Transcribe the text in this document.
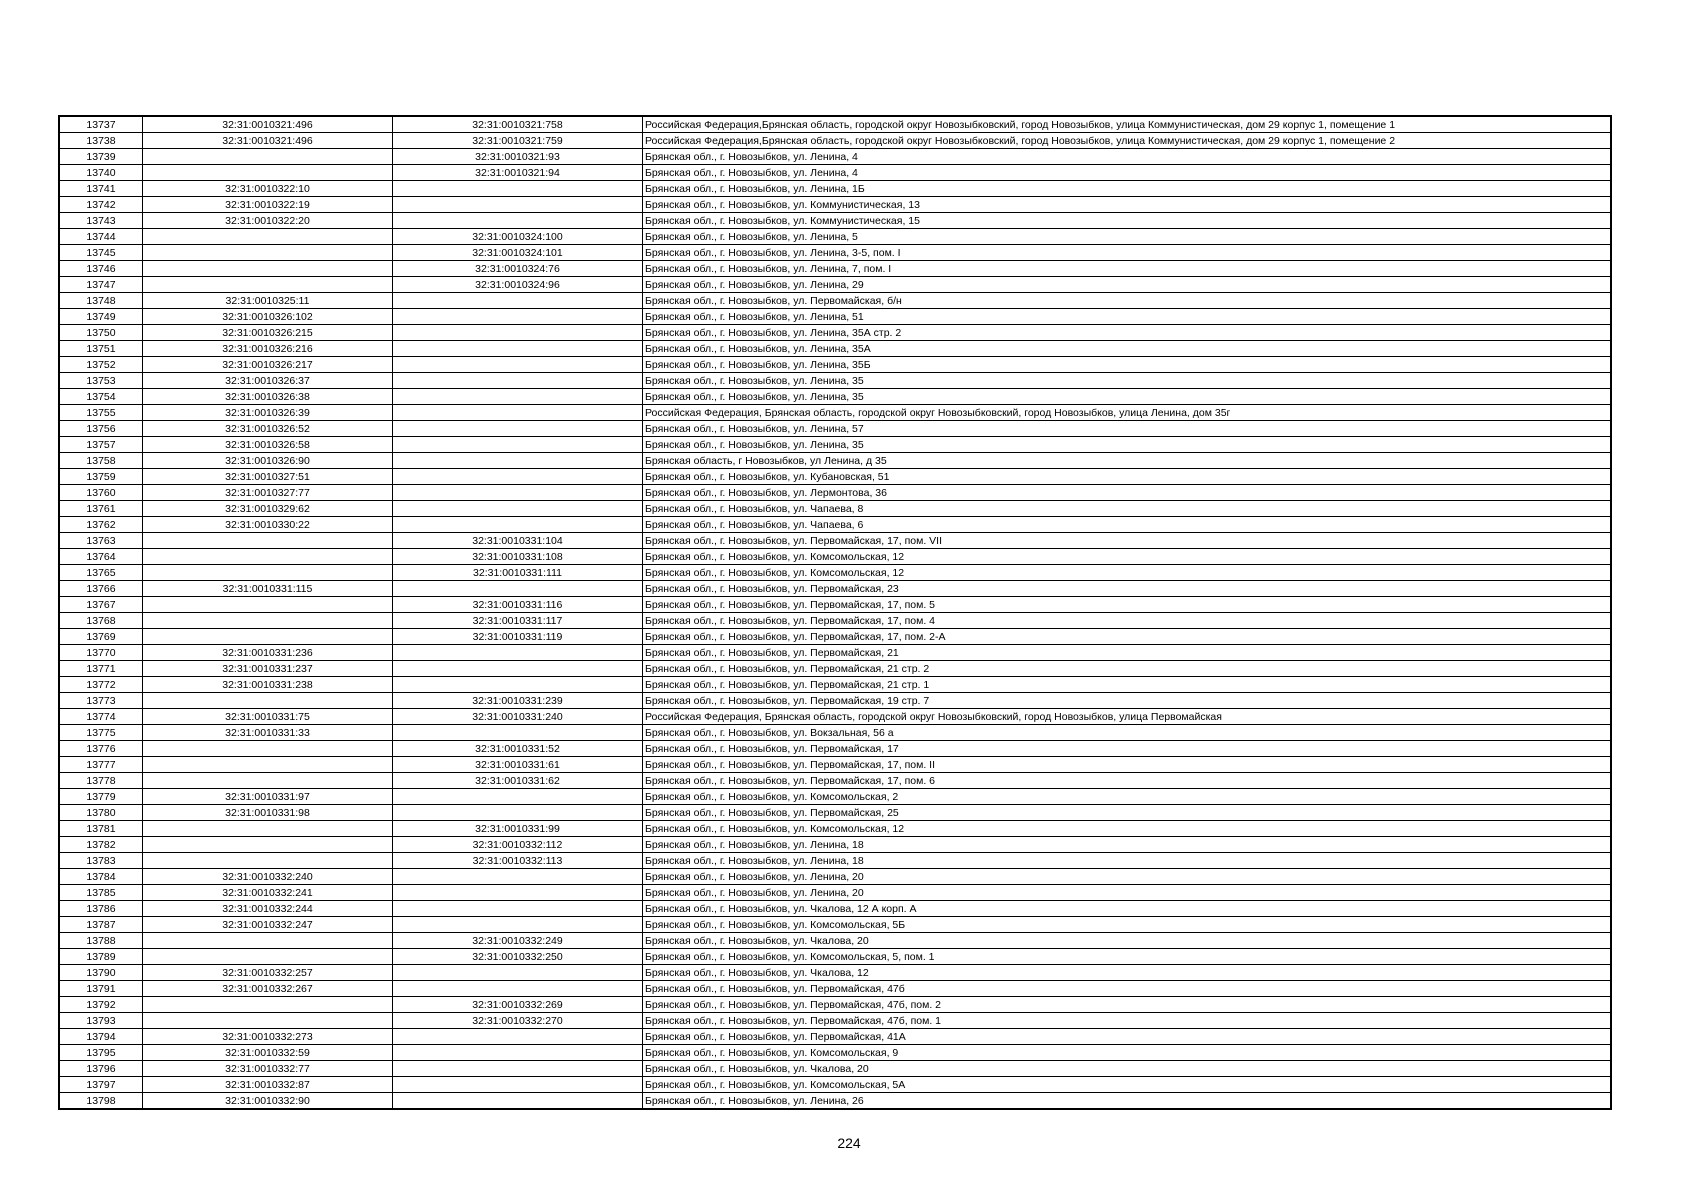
13737	32:31:0010321:496	32:31:0010321:758	Российская Федерация,Брянская область, городской округ Новозыбковский, город Новозыбков, улица Коммунистическая, дом 29 корпус 1, помещение 1
13738	32:31:0010321:496	32:31:0010321:759	Российская Федерация,Брянская область, городской округ Новозыбковский, город Новозыбков, улица Коммунистическая, дом 29 корпус 1, помещение 2
13739		32:31:0010321:93	Брянская обл., г. Новозыбков, ул. Ленина, 4
13740		32:31:0010321:94	Брянская обл., г. Новозыбков, ул. Ленина, 4
13741	32:31:0010322:10		Брянская обл., г. Новозыбков, ул. Ленина, 1Б
13742	32:31:0010322:19		Брянская обл., г. Новозыбков, ул. Коммунистическая, 13
13743	32:31:0010322:20		Брянская обл., г. Новозыбков, ул. Коммунистическая, 15
13744		32:31:0010324:100	Брянская обл., г. Новозыбков, ул. Ленина, 5
13745		32:31:0010324:101	Брянская обл., г. Новозыбков, ул. Ленина, 3-5, пом. I
13746		32:31:0010324:76	Брянская обл., г. Новозыбков, ул. Ленина, 7, пом. I
13747		32:31:0010324:96	Брянская обл., г. Новозыбков, ул. Ленина, 29
13748	32:31:0010325:11		Брянская обл., г. Новозыбков, ул. Первомайская, б/н
13749	32:31:0010326:102		Брянская обл., г. Новозыбков, ул. Ленина, 51
13750	32:31:0010326:215		Брянская обл., г. Новозыбков, ул. Ленина, 35А стр. 2
13751	32:31:0010326:216		Брянская обл., г. Новозыбков, ул. Ленина, 35А
13752	32:31:0010326:217		Брянская обл., г. Новозыбков, ул. Ленина, 35Б
13753	32:31:0010326:37		Брянская обл., г. Новозыбков, ул. Ленина, 35
13754	32:31:0010326:38		Брянская обл., г. Новозыбков, ул. Ленина, 35
13755	32:31:0010326:39		Российская Федерация, Брянская область, городской округ Новозыбковский, город Новозыбков, улица Ленина, дом 35г
13756	32:31:0010326:52		Брянская обл., г. Новозыбков, ул. Ленина, 57
13757	32:31:0010326:58		Брянская обл., г. Новозыбков, ул. Ленина, 35
13758	32:31:0010326:90		Брянская область, г Новозыбков, ул Ленина, д 35
13759	32:31:0010327:51		Брянская обл., г. Новозыбков, ул. Кубановская, 51
13760	32:31:0010327:77		Брянская обл., г. Новозыбков, ул. Лермонтова, 36
13761	32:31:0010329:62		Брянская обл., г. Новозыбков, ул. Чапаева, 8
13762	32:31:0010330:22		Брянская обл., г. Новозыбков, ул. Чапаева, 6
13763		32:31:0010331:104	Брянская обл., г. Новозыбков, ул. Первомайская, 17, пом. VII
13764		32:31:0010331:108	Брянская обл., г. Новозыбков, ул. Комсомольская, 12
13765		32:31:0010331:111	Брянская обл., г. Новозыбков, ул. Комсомольская, 12
13766	32:31:0010331:115		Брянская обл., г. Новозыбков, ул. Первомайская, 23
13767		32:31:0010331:116	Брянская обл., г. Новозыбков, ул. Первомайская, 17, пом. 5
13768		32:31:0010331:117	Брянская обл., г. Новозыбков, ул. Первомайская, 17, пом. 4
13769		32:31:0010331:119	Брянская обл., г. Новозыбков, ул. Первомайская, 17, пом. 2-А
13770	32:31:0010331:236		Брянская обл., г. Новозыбков, ул. Первомайская, 21
13771	32:31:0010331:237		Брянская обл., г. Новозыбков, ул. Первомайская, 21 стр. 2
13772	32:31:0010331:238		Брянская обл., г. Новозыбков, ул. Первомайская, 21 стр. 1
13773		32:31:0010331:239	Брянская обл., г. Новозыбков, ул. Первомайская, 19 стр. 7
13774	32:31:0010331:75	32:31:0010331:240	Российская Федерация, Брянская область, городской округ Новозыбковский, город Новозыбков, улица Первомайская
13775	32:31:0010331:33		Брянская обл., г. Новозыбков, ул. Вокзальная, 56 а
13776		32:31:0010331:52	Брянская обл., г. Новозыбков, ул. Первомайская, 17
13777		32:31:0010331:61	Брянская обл., г. Новозыбков, ул. Первомайская, 17, пом. II
13778		32:31:0010331:62	Брянская обл., г. Новозыбков, ул. Первомайская, 17, пом. 6
13779	32:31:0010331:97		Брянская обл., г. Новозыбков, ул. Комсомольская, 2
13780	32:31:0010331:98		Брянская обл., г. Новозыбков, ул. Первомайская, 25
13781		32:31:0010331:99	Брянская обл., г. Новозыбков, ул. Комсомольская, 12
13782		32:31:0010332:112	Брянская обл., г. Новозыбков, ул. Ленина, 18
13783		32:31:0010332:113	Брянская обл., г. Новозыбков, ул. Ленина, 18
13784	32:31:0010332:240		Брянская обл., г. Новозыбков, ул. Ленина, 20
13785	32:31:0010332:241		Брянская обл., г. Новозыбков, ул. Ленина, 20
13786	32:31:0010332:244		Брянская обл., г. Новозыбков, ул. Чкалова, 12 А корп. А
13787	32:31:0010332:247		Брянская обл., г. Новозыбков, ул. Комсомольская, 5Б
13788		32:31:0010332:249	Брянская обл., г. Новозыбков, ул. Чкалова, 20
13789		32:31:0010332:250	Брянская обл., г. Новозыбков, ул. Комсомольская, 5, пом. 1
13790	32:31:0010332:257		Брянская обл., г. Новозыбков, ул. Чкалова, 12
13791	32:31:0010332:267		Брянская обл., г. Новозыбков, ул. Первомайская, 47б
13792		32:31:0010332:269	Брянская обл., г. Новозыбков, ул. Первомайская, 47б, пом. 2
13793		32:31:0010332:270	Брянская обл., г. Новозыбков, ул. Первомайская, 47б, пом. 1
13794	32:31:0010332:273		Брянская обл., г. Новозыбков, ул. Первомайская, 41А
13795	32:31:0010332:59		Брянская обл., г. Новозыбков, ул. Комсомольская, 9
13796	32:31:0010332:77		Брянская обл., г. Новозыбков, ул. Чкалова, 20
13797	32:31:0010332:87		Брянская обл., г. Новозыбков, ул. Комсомольская, 5А
13798	32:31:0010332:90		Брянская обл., г. Новозыбков, ул. Ленина, 26
224
